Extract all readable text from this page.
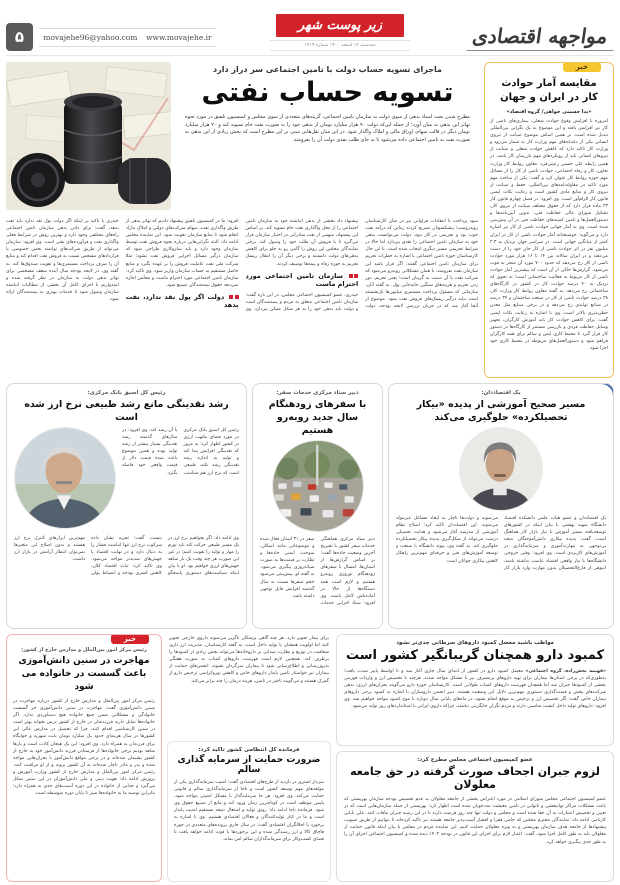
مواجهه اقتصادی
زیر پوست شهر
سه‌شنبه ۱۲ اسفند ۱۴۰۰ شماره ۱۴۱۹
www.movajehe.ir
movajehe96@yahoo.com
۵
خبر
مقایسه آمار حوادث کار در ایران و جهان
«ندا حسینی خواهی/ گروه اقتصاد»

امروزه با افزایش وقوع حوادث شغلی، بیماری‌های ناشی از کار نیز افزایش یافته و این موضوع به یک نگرانی بین‌المللی تبدیل شده است. بر همین اساس موضوع صیانت از نیروی انسانی یکی از دغدغه‌های مهم وزارت کار به شمار می‌رود و وزارت کار تاکید دارد که کاهش حوادث شغلی و صیانت از نیروهای انسانی باید از رویکردهای مهم بازرسان کار باشد. در همین رابطه علی حسین رعیتی‌فرد، معاون روابط کار وزارت تعاون، کار و رفاه اجتماعی، حوادث ناشی از کار را از مسائل مهم حوزه روابط کار عنوان کرد و گفت: یکی از مباحث مهم مورد تاکید در مقاوله‌نامه‌های بین‌المللی، حفظ و صیانت از نیروی کار و منابع مادی کشور است و رعایت نکات ایمنی قانون کار الزام‌آور است. وی افزود: در فصل چهارم قانون کار ۲۳ ماده قرار دارد که از حقوق مختلف صیانت از نیروی کار، تشکیل شورای عالی حفاظت فنی، تدوین آیین‌نامه‌ها و دستورالعمل‌ها و تامین کمیته‌های حفاظت فنی در آن پیش‌بینی شده است. وی به آمار جهانی حوادث ناشی از کار نیز اشاره دارد و می‌گوید: خوشبختانه آمار حوادث ناشی از کار در ایران کمتر از میانگین جهانی است. در سراسر جهان نزدیک به ۲.۳ میلیون نفر در اثر حوادث ناشی از کار جان خود را از دست می‌دهند و در ایران سالانه بین ۱۴ تا ۱۶ هزار مورد حوادث ناشی از کار رخ می‌دهد که حدود ۷۰۰ مورد آن منجر به فوت می‌شود. گزارش‌ها حاکی از آن است که بیشترین آمار حوادث ناشی از کار مربوط به فعالیت ساختمانی است؛ به نحوی که نزدیک به ۴۰ درصد حوادث کار در کشور در کارگاه‌های ساختمانی رخ می‌دهد. به گفته معاون روابط کار وزارت کار، ۳۸ درصد حوادث ناشی از کار در صنعت ساختمان و ۳۴ درصد در صنایع تولیدی رخ می‌دهد و در برخی صنایع مثل معدن خطرپذیری بالاتر است. وی با اشاره به رعایت نکات ایمنی گفت: برای کاهش حوادث کار باید آموزش کارگران، تجهیز وسایل حفاظت فردی و بازرسی مستمر از کارگاه‌ها در دستور کار قرار گیرد تا محیط کاری ایمن و سالم برای همه کارگران فراهم شود و دستورالعمل‌های مربوطه در محیط کاری خود اجرا شود.

ماجرای تسویه حساب دولت با تامین اجتماعی سر دراز دارد
تسویه حساب نفتی

مطرح شدن بحث اسناد بدهی از سوی دولت به سازمان تامین اجتماعی، گزینه‌های متعددی از سوی مجلس و کمیسیون تلفیق در مورد نحوه تهاتر این بدهی به میان آورد؛ از جمله این‌که دولت ۹۰ هزار میلیارد تومان از بدهی خود را به صورت نفت خام تسویه کند و ۷۰ هزار میلیارد تومان دیگر در قالب سهام، اوراق مالی و املاک واگذار شود. در این میان نقل‌هایی مبنی بر این مطرح است که بخش زیادی از این بدهی به صورت نفت به تامین اجتماعی داده می‌شود تا به جای طلب نقدی دولت آن را بفروشد.

سود پرداخت با انتقادات فراوانی نیز در میان کارشناسان روبه‌روست؛ پیشکسوتان تصریح کردند زمانی که درآمد نفت خوب بود و تحریمی در کار نبود، دولت می‌توانست بدهی خود به سازمان تامین اجتماعی را نقدی بپردازد اما حالا در شرایط تحریمی مسیر دیگری انتخاب شده است. با این حال کارشناسان حوزه تامین اجتماعی با اشاره به خطرات تحریم برای سازمان تامین اجتماعی گفتند: اگر قرار باشد این سازمان نفت بفروشد، با همان مشکلاتی روبه‌رو می‌شود که شرکت نفت با آن دست به گریبان است؛ یعنی تحریم، دور زدن تحریم و هزینه‌های سنگین جابه‌جایی پول. به گفته آنان، سازمانی که مسئول پرداخت مستمری میلیون‌ها بازنشسته است نباید درگیر ریسک‌های فروش نفت شود. موضوع از آنجا آغاز شد که در جریان بررسی لایحه بودجه، دولت پیشنهاد داد بخشی از بدهی انباشته خود به سازمان تامین اجتماعی را از محل واگذاری نفت خام تسویه کند. بر اساس این پیشنهاد، سهمی از نفت صادراتی در اختیار سازمان قرار می‌گیرد تا با فروش آن طلب خود را وصول کند. برخی نمایندگان مجلس این روش را گامی رو به جلو برای کاهش بدهی‌های دولت دانستند و برخی دیگر آن را انتقال ریسک تحریم به حوزه رفاه و بیمه‌ها توصیف کردند.
سازمان تامین اجتماعی مورد احترام ماست
حیدری، عضو کمیسیون اجتماعی مجلس، در این باره گفت: سازمان تامین اجتماعی متعلق به مردم و بیمه‌شدگان است و دولت باید بدهی خود را به هر شکل ممکن بپردازد. وی افزود: ما در کمیسیون تلفیق پیشنهاد دادیم که تهاتر بدهی از طریق واگذاری نفت، سهام شرکت‌های دولتی و املاک مازاد انجام شود تا منابع سازمان تقویت شود. این نماینده مجلس ادامه داد: البته نگرانی‌هایی درباره نحوه فروش نفت توسط سازمان وجود دارد و باید سازوکاری طراحی شود که سازمان درگیر مسائل اجرایی فروش نفت نشود؛ مثلا شرکت ملی نفت عاملیت فروش را بر عهده بگیرد و منابع حاصل مستقیم به حساب سازمان واریز شود. وی تاکید کرد: سازمان تامین اجتماعی مورد احترام ماست و مجلس اجازه نمی‌دهد حقوق بیمه‌شدگان تضییع شود.
دولت اگر پول نقد ندارد، نفت بدهد
حیدری با تاکید بر اینکه اگر دولت پول نقد ندارد باید نفت بدهد، گفت: برای دادن بدهی سازمان تامین اجتماعی راه‌های مختلفی وجود دارد و بهترین روش در شرایط فعلی واگذاری نفت و فرآورده‌های نفتی است. وی افزود: سازمان می‌تواند از طریق شرکت‌های توانمند بخش خصوصی یا قراردادهای مشخص نسبت به فروش نفت اقدام کند و منابع آن را صرف پرداخت مستمری‌ها و تقویت صندوق‌ها کند. به گفته وی، در لایحه بودجه سال آینده سقف مشخصی برای تهاتر بدهی دولت به سازمان در نظر گرفته شده و امیدواریم با اجرای کامل آن بخشی از مطالبات انباشته سازمان وصول شود تا خدمات بهتری به بیمه‌شدگان ارائه شود.
یک اقتصاددان:
مسیر صحیح آموزشی از پدیده «بیکار تحصیلکرده» جلوگیری می‌کند
یک اقتصاددان و عضو هیات علمی دانشکده اقتصاد دانشگاه شهید بهشتی با بیان اینکه در کشورهای توسعه‌یافته مسیر آموزش با نیاز بازار کار هماهنگ است، گفت: پدیده بیکاری دانش‌آموختگان نتیجه بی‌توجهی به مهارت‌آموزی و سرمایه‌گذاری در آموزش‌های کاربردی است. وی افزود: وقتی خروجی دانشگاه‌ها با نیاز واقعی اقتصاد تناسب نداشته باشد، انبوهی از فارغ‌التحصیلان بدون مهارت وارد بازار کار می‌شوند و دولت‌ها ناچار به ایجاد مشاغل غیرمولد می‌شوند. این اقتصاددان تاکید کرد: اصلاح نظام آموزشی از مدرسه آغاز می‌شود و هدایت تحصیلی درست می‌تواند از شکل‌گیری پدیده بیکار تحصیلکرده جلوگیری کند. به گفته وی، پیوند دانشگاه با صنعت و توسعه آموزش‌های فنی و حرفه‌ای مهم‌ترین راهکار کاهش بیکاری جوانان است.
دبیر ستاد مرکزی خدمات سفر:
با سفرهای زودهنگام سال جدید روبه‌رو هستیم
دبیر ستاد مرکزی هماهنگی خدمات سفر کشور با تشریح آخرین وضعیت جاده‌ها گفت: بر اساس گزارش‌ها از استان‌ها، امسال با سفرهای زودهنگام نوروزی روبه‌رو هستیم و لازم است همه دستگاه‌ها از حالا در آماده‌باش کامل باشند. وی افزود: ستاد اجرایی خدمات سفر در ۳۱ استان فعال شده و موضوعاتی مانند اسکان، سوخت، ایمنی جاده‌ها و نظارت بر قیمت‌ها به صورت شبانه‌روزی پیگیری می‌شود. به گفته او، پیش‌بینی می‌شود حجم سفرها نسبت به سال گذشته افزایش قابل توجهی داشته باشد.
رئیس کل اسبق بانک مرکزی:
رشد نقدینگی مانع رشد طبیعی نرخ ارز شده است
رئیس کل اسبق بانک مرکزی در مورد فضای ملتهب ارزی در کشور اظهار کرد: به مرور که نقدینگی افزایش پیدا کند و تولید به اندازه رشد نقدینگی رشد نکند، طبیعی است که نرخ ارز هم متناسب با آن رشد کند. وی افزود: در سال‌های گذشته رشد نقدینگی بسیار بیشتر از رشد تولید بوده و همین موضوع باعث شده قیمت دلار از قیمت واقعی خود فاصله بگیرد.
وی ادامه داد: اگر بخواهیم نرخ ارز در یک مسیر طبیعی حرکت کند باید تورم را مهار و تولید را تقویت کنیم؛ در غیر این صورت هر چند وقت یک بار شاهد جهش‌های ارزی خواهیم بود. او با بیان اینکه سیاست‌های دستوری پاسخگو نیست، گفت: تجربه نشان داده سرکوب نرخ ارز تنها انباشت فشار را به دنبال دارد و در نهایت اقتصاد با جهش‌های شدیدتر مواجه می‌شود. وی تاکید کرد: ثبات اقتصاد کلان، کاهش کسری بودجه و انضباط پولی مهم‌ترین ابزارهای کنترل نرخ ارز هستند و بدون اصلاح این متغیرها نمی‌توان انتظار آرامش در بازار ارز داشت.
مواظب باشید معضل کمبود داروهای سرطانی جدی‌تر نشود
کمبود دارو همچنان گریبانگیر کشور است

«فهیمه بخش‌زاده، گروه اجتماعی» معضل کمبود دارو در کشور از ابتدای سال جاری آغاز شد و تا اواسط پاییز شدت یافت؛ به‌طوری‌که در برخی استان‌ها بیماران برای تهیه داروهای پرمصرف نیز با مشکل مواجه شدند. هرچند با تخصیص ارز و واردات فوریتی بخشی از کمبودها جبران شد اما همچنان فهرست داروهای کمیاب طولانی است. کارشناسان حوزه دارو می‌گویند بحران‌های ارزی، بدهی شرکت‌های پخش و قیمت‌گذاری دستوری مهم‌ترین دلایل این وضعیت هستند. دبیر انجمن داروسازان با اشاره به کمبود برخی داروهای بیماران خاص گفت: اگر تخصیص ارز و ترخیص به موقع انجام نشود، در ماه‌های پایانی سال دوباره با موج کمبود مواجه خواهیم شد. وی افزود: داروهای تولید داخل کیفیت مناسبی دارند و مردم نگران جایگزینی نباشند، چراکه داروی ایرانی با استانداردهای روز تولید می‌شود.

عضو کمیسیون اجتماعی مجلس مطرح کرد:
لزوم جبران اجحاف صورت گرفته در حق جامعه معلولان

عضو کمیسیون اجتماعی مجلس شورای اسلامی در مورد اعتراض بخشی از جامعه معلولان به عدم تخصیص بودجه سازمان بهزیستی که باعث مشکلات مراکز توانبخشی و ناتوانی در تامین معیشت مددجویان شده است اظهار کرد: بهزیستی از جمله سازمان‌هایی است که در تعیین و تخصیص اعتبارات به آن جفا شده است و مجلس و دولت تنها چند روز فرصت دارند تا در این زمینه جبران مافات کنند. علی بابایی کارنامی ادامه داد: نمایندگان محترم مجلس که حامی فقرا و اقشار آسیب‌پذیر جامعه هستند نیز تاکید کرده‌اند تا بتوانیم از طریق تصویب پیشنهادها از جامعه هدف سازمان بهزیستی و به ویژه معلولان حمایت کنیم. این نماینده مردم در مجلس با بیان اینکه قانون حمایت از معلولان باید به طور کامل اجرا شود، گفت: اعتبار لازم برای اجرای این قانون در بودجه ۱۴۰۲ دیده شده و کمیسیون اجتماعی اجرای آن را به طور جدی پیگیری خواهد کرد.

برای بیمار تجویز دارد. هر چند گاهی پزشکان ناگزیر می‌شوند داروی خارجی تجویز کنند اما اولویت همچنان با تولید داخل است. به گفته کارشناسان، مدیریت ارز دارو، شفافیت در توزیع و نظارت میدانی بر داروخانه‌ها می‌تواند بخش زیادی از کمبودها را برطرف کند. همچنین لازم است فهرست داروهای کمیاب به صورت هفتگی به‌روزرسانی و اطلاع‌رسانی شود تا بیماران سرگردان نشوند. انجمن‌های حمایت از بیماران نیز خواستار تامین پایدار داروهای خاص و کاهش بوروکراسی ترخیص دارو از گمرک هستند و می‌گویند تاخیر در تامین، هزینه درمان را چند برابر می‌کند.

فرمانده کل انتظامی کشور تاکید کرد:
ضرورت حمایت از سرمایه گذاری سالم

سردار اشتری در بازدید از طرح‌های اقتصادی گفت: امنیت سرمایه‌گذاری یکی از مولفه‌های مهم توسعه کشور است و ناجا از سرمایه‌گذاری سالم و قانونی حمایت می‌کند. وی افزود: هر جا سرمایه‌گذار با مشکل امنیتی مواجه شود، پلیس موظف است در کوتاه‌ترین زمان ورود کند و مانع از تضییع حقوق وی شود. فرمانده ناجا ادامه داد: رونق تولید و اشتغال نتیجه مستقیم امنیت پایدار است و ما در کنار تولیدکنندگان و فعالان اقتصادی هستیم. وی با اشاره به برخورد با اخلالگران اقتصادی گفت: در سال جاری پرونده‌های متعددی در حوزه قاچاق کالا و ارز رسیدگی شده و این برخوردها با قوت ادامه خواهد یافت تا فضای کسب‌وکار برای سرمایه‌گذاران سالم امن بماند.

خبر
رئیس مرکز امور بین‌الملل و مدارس خارج از کشور:
مهاجرت در سنین دانش‌آموزی باعث گسست در خانواده می شود

رئیس مرکز امور بین‌الملل و مدارس خارج از کشور درباره مهاجرت در سنین دانش‌آموزی گفت: مهاجرت در سنین دانش‌آموزی جز گسست خانوادگی و مشکلاتی ضمن جمع خانواده هیچ دستاوردی ندارد. اگر خانواده‌ها تمایل دارند فرزندشان در خارج از کشور درس بخواند بهتر است در سنین کارشناسی اقدام کنند، چرا که تحصیل در مدارس عالی این کشورها در سال هزینه‌ای حدود یک میلیارد تومان بابت شهریه و خوابگاه برای فرزندان به همراه دارد. وی افزود: این یک هیجان کاذب است و بارها شاهد بودیم برخی خانواده‌ها از فرستادن فرزند دانش‌آموز خود به خارج از کشور پشیمان شده‌اند و در برخی مواقع دانش‌آموز با بحران‌هایی مواجه شده و پدر و مادر ناچار شده‌اند به آن کشور بروند و از او مراقبت کنند. رئیس مرکز امور بین‌الملل و مدارس خارج از کشور وزارت آموزش و پرورش ادامه داد: هویت دینی و ملی دانش‌آموزان در این سنین شکل می‌گیرد و جدایی از خانواده در این دوره آسیب‌های جدی به همراه دارد؛ بنابراین توصیه ما به خانواده‌ها صبر تا پایان دوره متوسطه است.
